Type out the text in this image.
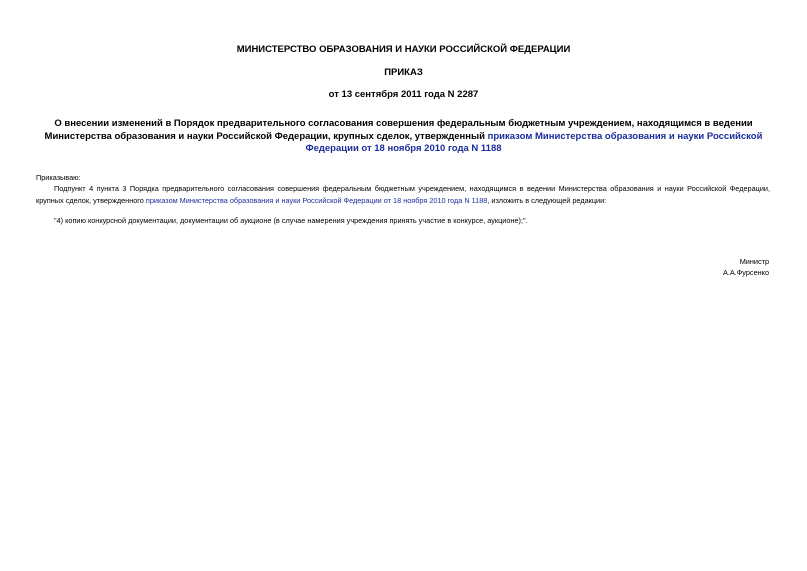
МИНИСТЕРСТВО ОБРАЗОВАНИЯ И НАУКИ РОССИЙСКОЙ ФЕДЕРАЦИИ
ПРИКАЗ
от 13 сентября 2011 года N 2287
О внесении изменений в Порядок предварительного согласования совершения федеральным бюджетным учреждением, находящимся в ведении Министерства образования и науки Российской Федерации, крупных сделок, утвержденный приказом Министерства образования и науки Российской Федерации от 18 ноября 2010 года N 1188
Приказываю:
Подпункт 4 пункта 3 Порядка предварительного согласования совершения федеральным бюджетным учреждением, находящимся в ведении Министерства образования и науки Российской Федерации, крупных сделок, утвержденного приказом Министерства образования и науки Российской Федерации от 18 ноября 2010 года N 1188, изложить в следующей редакции:
"4) копию конкурсной документации, документации об аукционе (в случае намерения учреждения принять участие в конкурсе, аукционе);".
Министр
А.А.Фурсенко
